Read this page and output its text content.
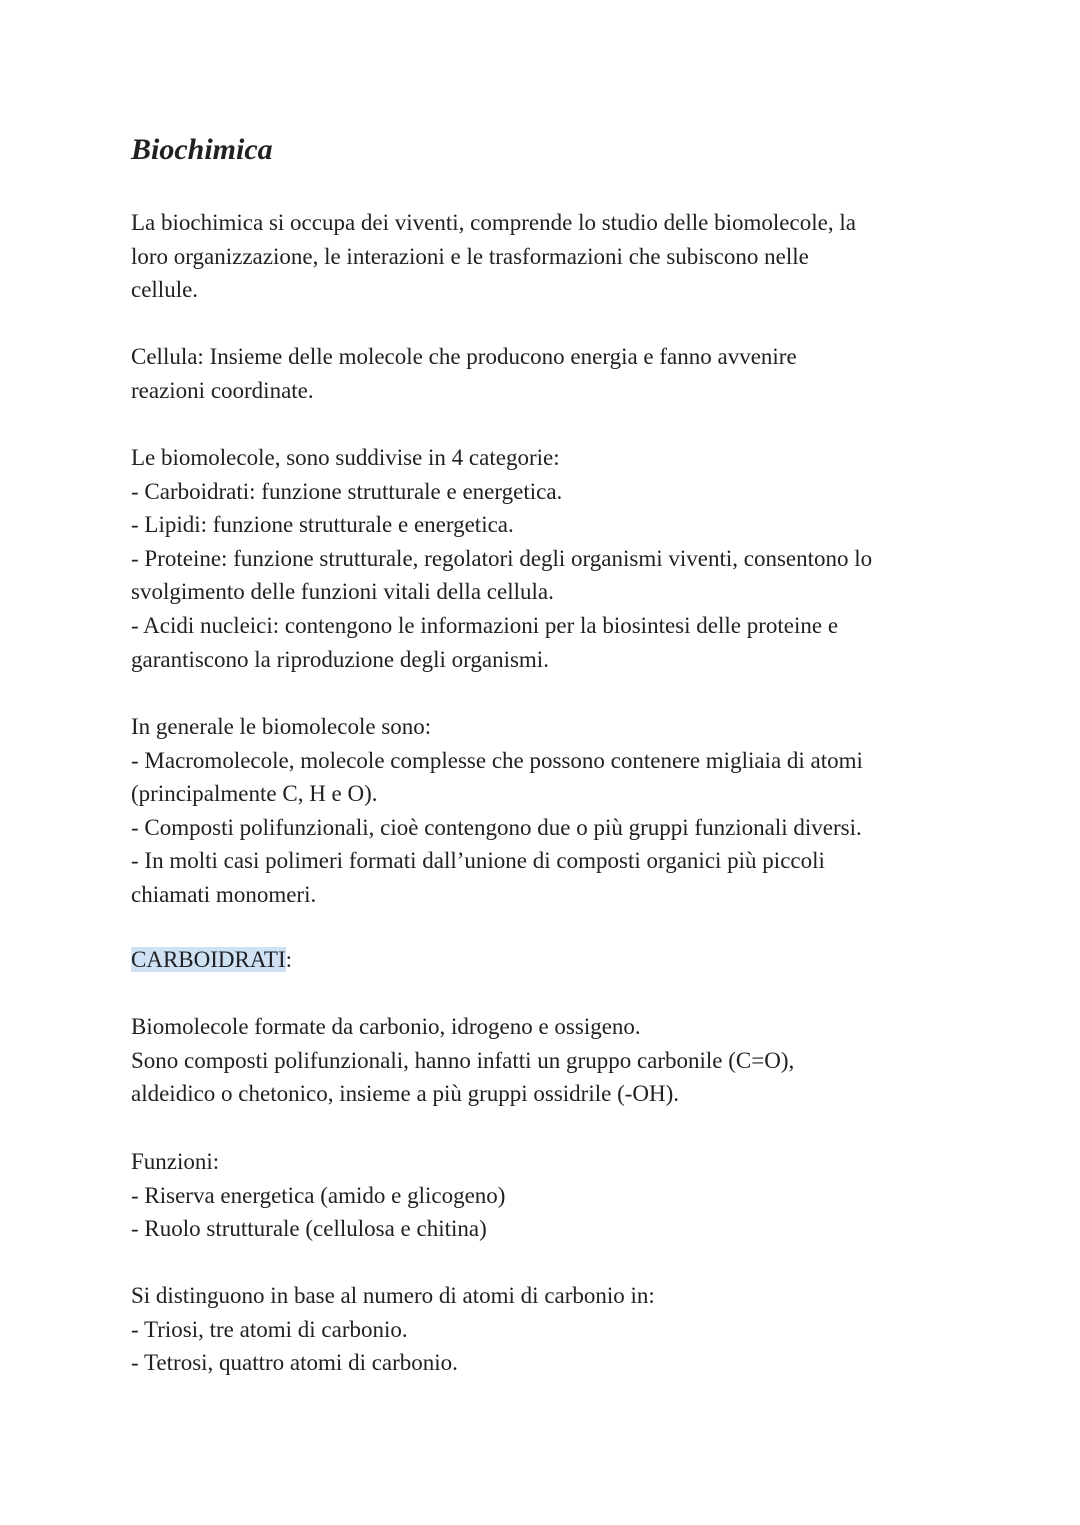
Biochimica
La biochimica si occupa dei viventi, comprende lo studio delle biomolecole, la
loro organizzazione, le interazioni e le trasformazioni che subiscono nelle
cellule.
Cellula: Insieme delle molecole che producono energia e fanno avvenire
reazioni coordinate.
Le biomolecole, sono suddivise in 4 categorie:
- Carboidrati: funzione strutturale e energetica.
- Lipidi: funzione strutturale e energetica.
- Proteine: funzione strutturale, regolatori degli organismi viventi, consentono lo
svolgimento delle funzioni vitali della cellula.
- Acidi nucleici: contengono le informazioni per la biosintesi delle proteine e
garantiscono la riproduzione degli organismi.
In generale le biomolecole sono:
- Macromolecole, molecole complesse che possono contenere migliaia di atomi
(principalmente C, H e O).
- Composti polifunzionali, cioè contengono due o più gruppi funzionali diversi.
- In molti casi polimeri formati dall’unione di composti organici più piccoli
chiamati monomeri.
CARBOIDRATI:
Biomolecole formate da carbonio, idrogeno e ossigeno.
Sono composti polifunzionali, hanno infatti un gruppo carbonile (C=O),
aldeidico o chetonico, insieme a più gruppi ossidrile (-OH).
Funzioni:
- Riserva energetica (amido e glicogeno)
- Ruolo strutturale (cellulosa e chitina)
Si distinguono in base al numero di atomi di carbonio in:
- Triosi, tre atomi di carbonio.
- Tetrosi, quattro atomi di carbonio.
